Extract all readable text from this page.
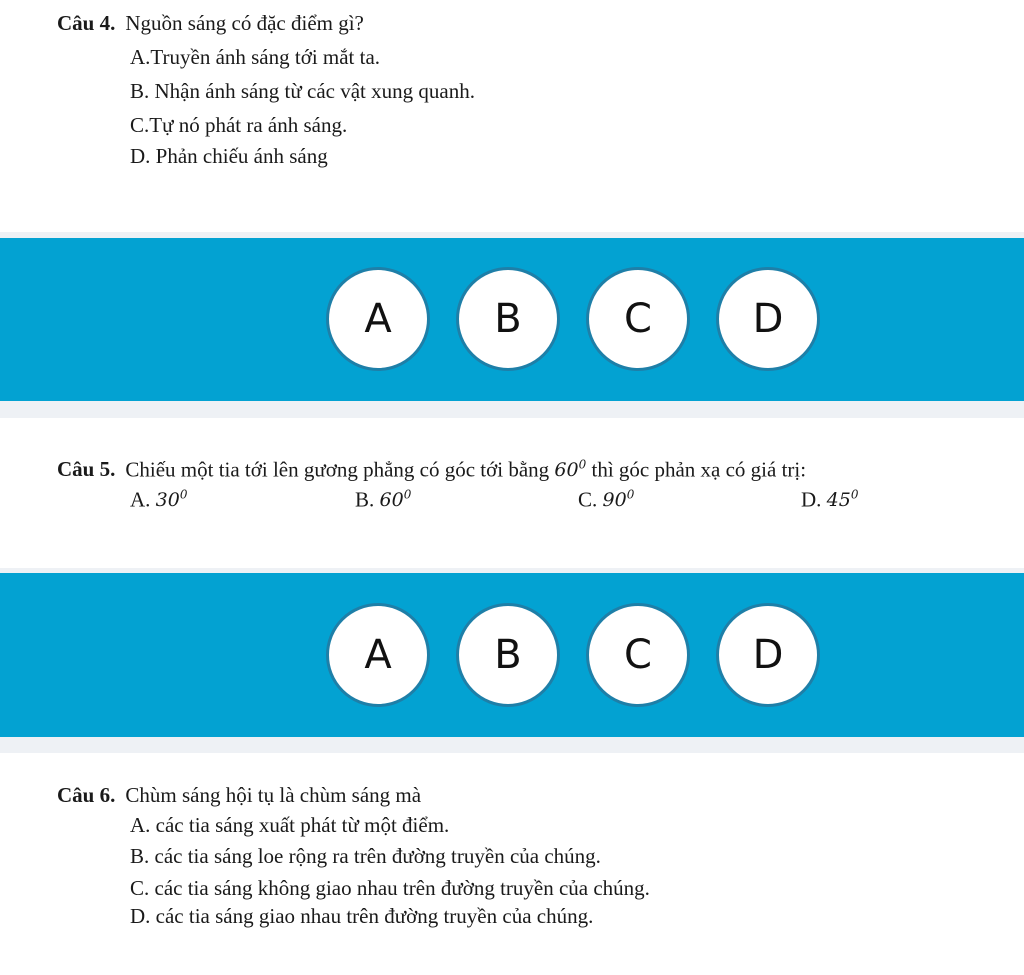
Câu 4. Nguồn sáng có đặc điểm gì?
A.Truyền ánh sáng tới mắt ta.
B. Nhận ánh sáng từ các vật xung quanh.
C.Tự nó phát ra ánh sáng.
D. Phản chiếu ánh sáng
A	B	C	D
Câu 5. Chiếu một tia tới lên gương phẳng có góc tới bằng $60^0$ thì góc phản xạ có giá trị:
A. $30^0$	B. $60^0$	C. $90^0$	D. $45^0$
A	B	C	D
Câu 6. Chùm sáng hội tụ là chùm sáng mà
A. các tia sáng xuất phát từ một điểm.
B. các tia sáng loe rộng ra trên đường truyền của chúng.
C. các tia sáng không giao nhau trên đường truyền của chúng.
D. các tia sáng giao nhau trên đường truyền của chúng.
